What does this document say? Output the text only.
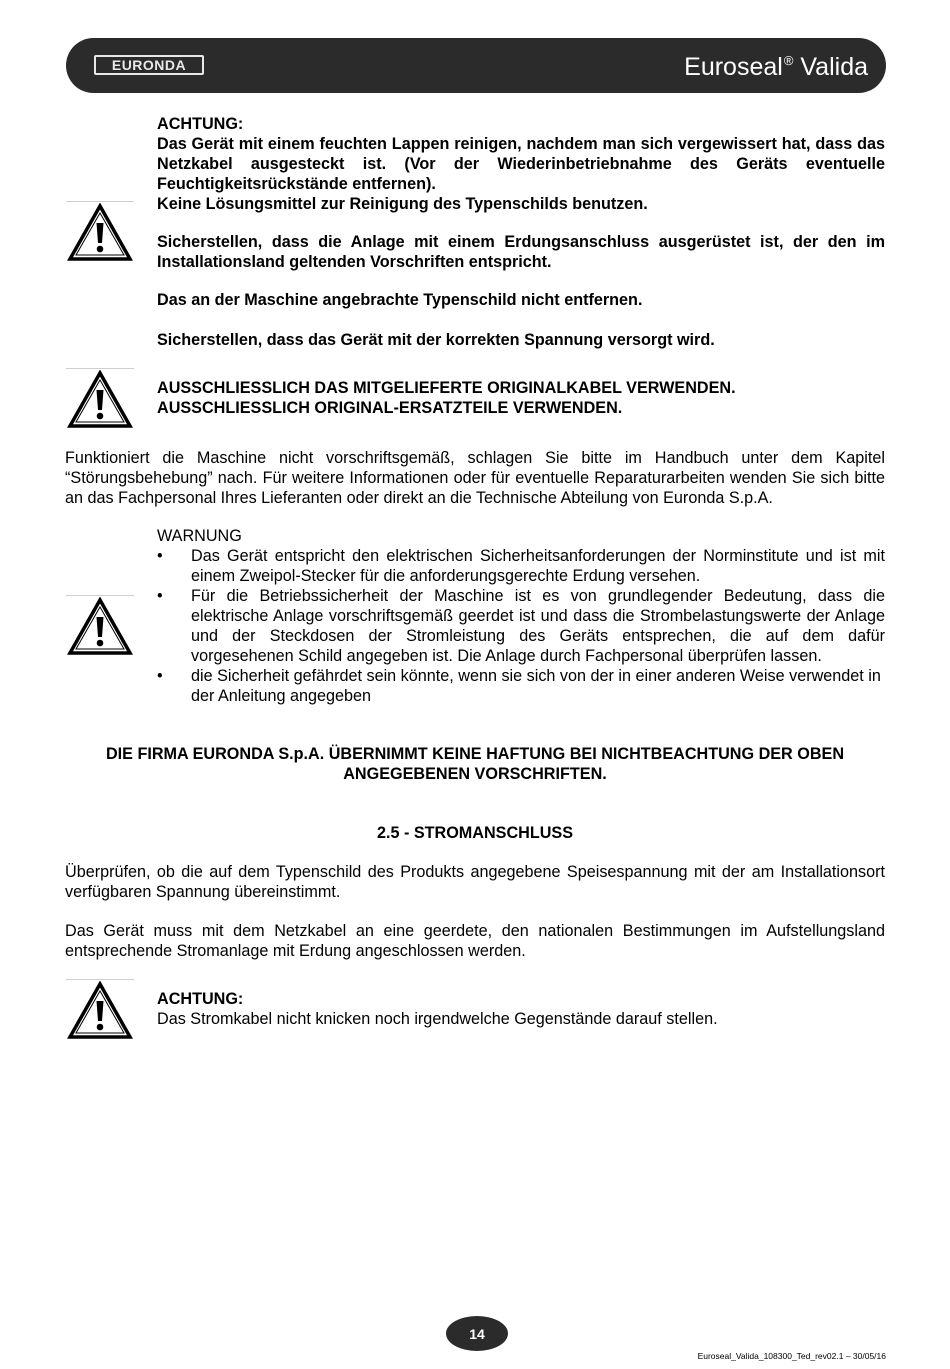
EURONDA	Euroseal® Valida
ACHTUNG:
Das Gerät mit einem feuchten Lappen reinigen, nachdem man sich vergewissert hat, dass das Netzkabel ausgesteckt ist. (Vor der Wiederinbetriebnahme des Geräts eventuelle Feuchtigkeitsrückstände entfernen).
Keine Lösungsmittel zur Reinigung des Typenschilds benutzen.
Sicherstellen, dass die Anlage mit einem Erdungsanschluss ausgerüstet ist, der den im Installationsland geltenden Vorschriften entspricht.
Das an der Maschine angebrachte Typenschild nicht entfernen.
Sicherstellen, dass das Gerät mit der korrekten Spannung versorgt wird.
AUSSCHLIESSLICH DAS MITGELIEFERTE ORIGINALKABEL VERWENDEN.
AUSSCHLIESSLICH ORIGINAL-ERSATZTEILE VERWENDEN.
Funktioniert die Maschine nicht vorschriftsgemäß, schlagen Sie bitte im Handbuch unter dem Kapitel “Störungsbehebung” nach. Für weitere Informationen oder für eventuelle Reparaturarbeiten wenden Sie sich bitte an das Fachpersonal Ihres Lieferanten oder direkt an die Technische Abteilung von Euronda S.p.A.
WARNUNG
• Das Gerät entspricht den elektrischen Sicherheitsanforderungen der Norminstitute und ist mit einem Zweipol-Stecker für die anforderungsgerechte Erdung versehen.
• Für die Betriebssicherheit der Maschine ist es von grundlegender Bedeutung, dass die elektrische Anlage vorschriftsgemäß geerdet ist und dass die Strombelastungswerte der Anlage und der Steckdosen der Stromleistung des Geräts entsprechen, die auf dem dafür vorgesehenen Schild angegeben ist. Die Anlage durch Fachpersonal überprüfen lassen.
• die Sicherheit gefährdet sein könnte, wenn sie sich von der in einer anderen Weise verwendet in der Anleitung angegeben
DIE FIRMA EURONDA S.p.A. ÜBERNIMMT KEINE HAFTUNG BEI NICHTBEACHTUNG DER OBEN ANGEGEBENEN VORSCHRIFTEN.
2.5 - STROMANSCHLUSS
Überprüfen, ob die auf dem Typenschild des Produkts angegebene Speisespannung mit der am Installationsort verfügbaren Spannung übereinstimmt.
Das Gerät muss mit dem Netzkabel an eine geerdete, den nationalen Bestimmungen im Aufstellungsland entsprechende Stromanlage mit Erdung angeschlossen werden.
ACHTUNG:
Das Stromkabel nicht knicken noch irgendwelche Gegenstände darauf stellen.
14
Euroseal_Valida_108300_Ted_rev02.1 – 30/05/16
